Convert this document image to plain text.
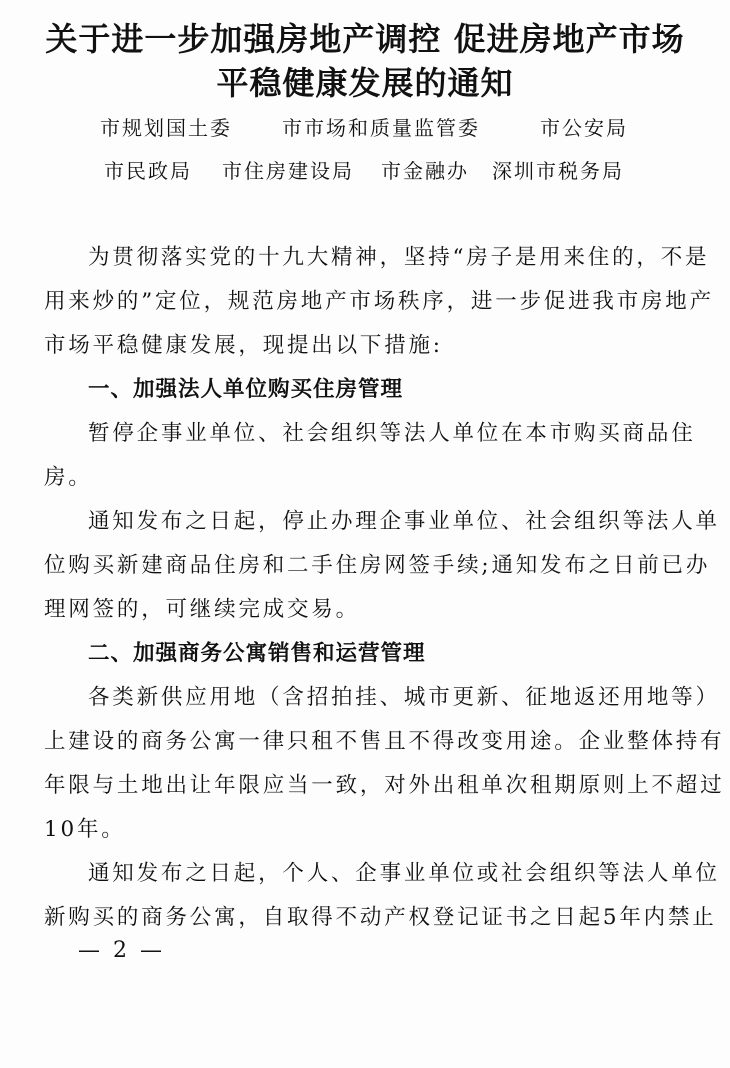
关于进一步加强房地产调控 促进房地产市场
平稳健康发展的通知
市规划国土委	市市场和质量监管委	市公安局
市民政局 市住房建设局 市金融办 深圳市税务局
为贯彻落实党的十九大精神，坚持“房子是用来住的，不是
用来炒的”定位，规范房地产市场秩序，进一步促进我市房地产
市场平稳健康发展，现提出以下措施:
一、加强法人单位购买住房管理
暂停企事业单位、社会组织等法人单位在本市购买商品住
房。
通知发布之日起，停止办理企事业单位、社会组织等法人单
位购买新建商品住房和二手住房网签手续;通知发布之日前已办
理网签的，可继续完成交易。
二、加强商务公寓销售和运营管理
各类新供应用地（含招拍挂、城市更新、征地返还用地等）
上建设的商务公寓一律只租不售且不得改变用途。企业整体持有
年限与土地出让年限应当一致，对外出租单次租期原则上不超过
10年。
通知发布之日起，个人、企事业单位或社会组织等法人单位
新购买的商务公寓，自取得不动产权登记证书之日起5年内禁止
— 2 —
